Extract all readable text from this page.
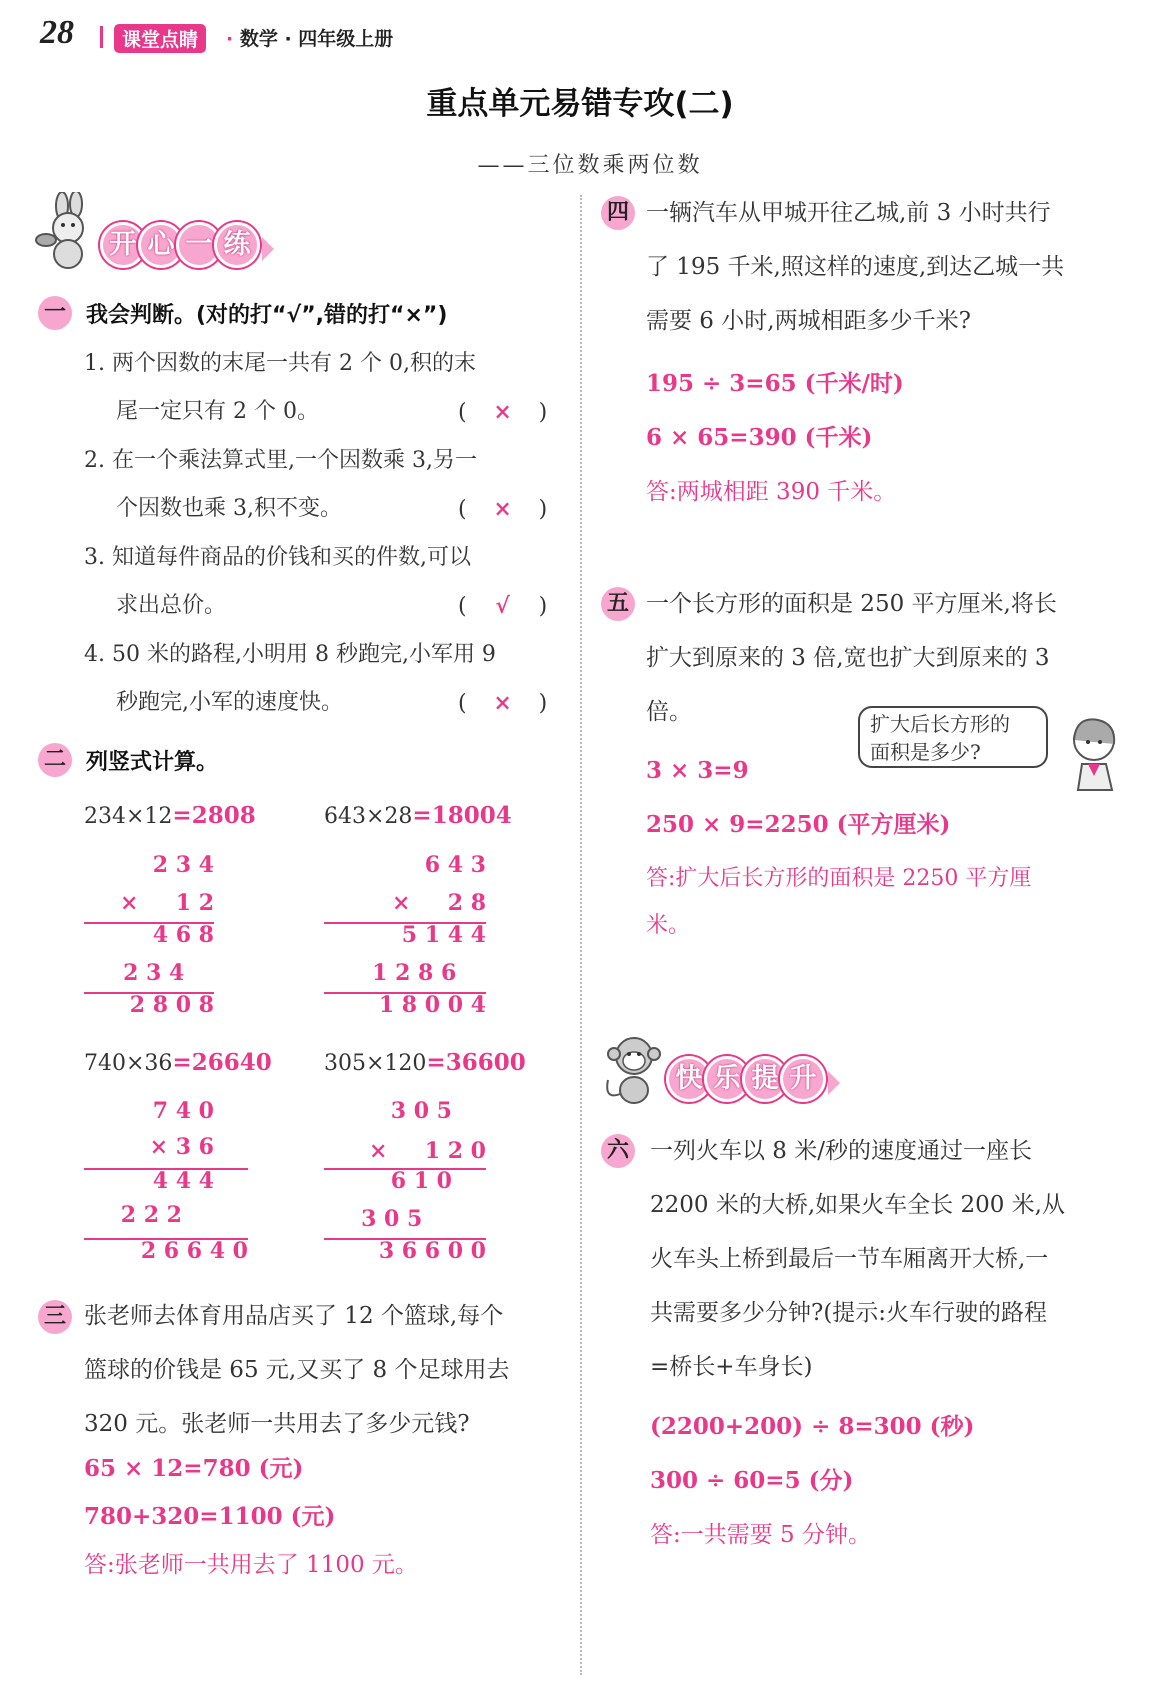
28	课堂点睛	· 数学 · 四年级上册
重点单元易错专攻(二)
——三位数乘两位数
开 心 一 练
一 我会判断。(对的打“√”,错的打“×”)
1. 两个因数的末尾一共有 2 个 0,积的末
尾一定只有 2 个 0。	( × )
2. 在一个乘法算式里,一个因数乘 3,另一
个因数也乘 3,积不变。	( × )
3. 知道每件商品的价钱和买的件数,可以
求出总价。	( √ )
4. 50 米的路程,小明用 8 秒跑完,小军用 9
秒跑完,小军的速度快。	( × )
二 列竖式计算。
234×12=2808
2 3 4
× 　 1 2
4 6 8
2 3 4 　
2 8 0 8
643×28=18004
6 4 3
× 　 2 8
5 1 4 4
1 2 8 6 　
1 8 0 0 4
740×36=26640
7 4 0
× 3 6
4 4 4
2 2 2
2 6 6 4 0
305×120=36600
3 0 5
× 　 1 2 0
6 1 0
3 0 5 　
3 6 6 0 0
三 张老师去体育用品店买了 12 个篮球,每个
篮球的价钱是 65 元,又买了 8 个足球用去
320 元。张老师一共用去了多少元钱?
65 × 12=780 (元)
780+320=1100 (元)
答:张老师一共用去了 1100 元。
四 一辆汽车从甲城开往乙城,前 3 小时共行
了 195 千米,照这样的速度,到达乙城一共
需要 6 小时,两城相距多少千米?
195 ÷ 3=65 (千米/时)
6 × 65=390 (千米)
答:两城相距 390 千米。
五 一个长方形的面积是 250 平方厘米,将长
扩大到原来的 3 倍,宽也扩大到原来的 3
倍。	扩大后长方形的
面积是多少?
3 × 3=9
250 × 9=2250 (平方厘米)
答:扩大后长方形的面积是 2250 平方厘
米。
快 乐 提 升
六 一列火车以 8 米/秒的速度通过一座长
2200 米的大桥,如果火车全长 200 米,从
火车头上桥到最后一节车厢离开大桥,一
共需要多少分钟?(提示:火车行驶的路程
=桥长+车身长)
(2200+200) ÷ 8=300 (秒)
300 ÷ 60=5 (分)
答:一共需要 5 分钟。
